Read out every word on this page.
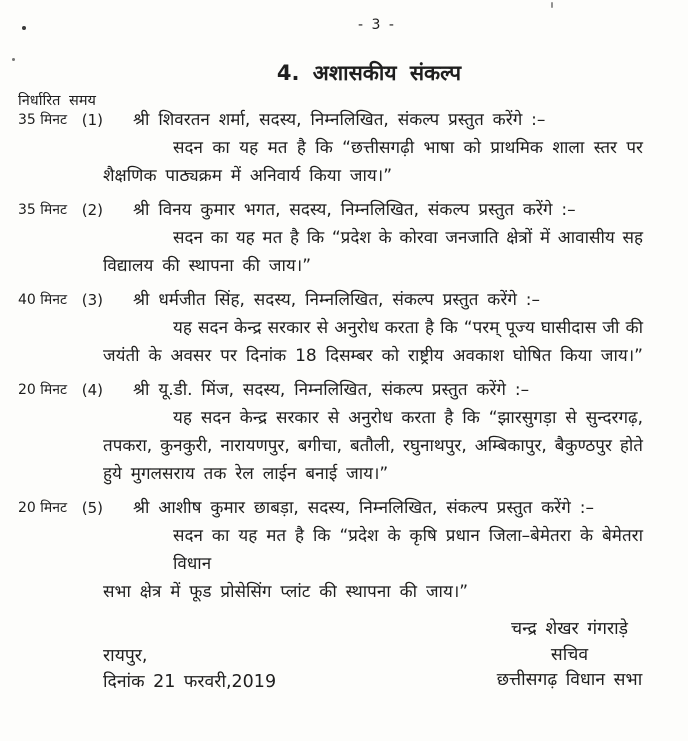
- 3 -
4. अशासकीय संकल्प
निर्धारित समय
35 मिनट (1)	श्री शिवरतन शर्मा, सदस्य, निम्नलिखित, संकल्प प्रस्तुत करेंगे :–
सदन का यह मत है कि “छत्तीसगढ़ी भाषा को प्राथमिक शाला स्तर पर
शैक्षणिक पाठ्यक्रम में अनिवार्य किया जाय।”
35 मिनट (2)	श्री विनय कुमार भगत, सदस्य, निम्नलिखित, संकल्प प्रस्तुत करेंगे :–
सदन का यह मत है कि “प्रदेश के कोरवा जनजाति क्षेत्रों में आवासीय सह
विद्यालय की स्थापना की जाय।”
40 मिनट (3)	श्री धर्मजीत सिंह, सदस्य, निम्नलिखित, संकल्प प्रस्तुत करेंगे :–
यह सदन केन्द्र सरकार से अनुरोध करता है कि “परम् पूज्य घासीदास जी की
जयंती के अवसर पर दिनांक 18 दिसम्बर को राष्ट्रीय अवकाश घोषित किया जाय।”
20 मिनट (4)	श्री यू.डी. मिंज, सदस्य, निम्नलिखित, संकल्प प्रस्तुत करेंगे :–
यह सदन केन्द्र सरकार से अनुरोध करता है कि “झारसुगड़ा से सुन्दरगढ़,
तपकरा, कुनकुरी, नारायणपुर, बगीचा, बतौली, रघुनाथपुर, अम्बिकापुर, बैकुण्ठपुर होते
हुये मुगलसराय तक रेल लाईन बनाई जाय।”
20 मिनट (5)	श्री आशीष कुमार छाबड़ा, सदस्य, निम्नलिखित, संकल्प प्रस्तुत करेंगे :–
सदन का यह मत है कि “प्रदेश के कृषि प्रधान जिला–बेमेतरा के बेमेतरा विधान
सभा क्षेत्र में फूड प्रोसेसिंग प्लांट की स्थापना की जाय।”
रायपुर,
दिनांक 21 फरवरी,2019
चन्द्र शेखर गंगराड़े
सचिव
छत्तीसगढ़ विधान सभा
